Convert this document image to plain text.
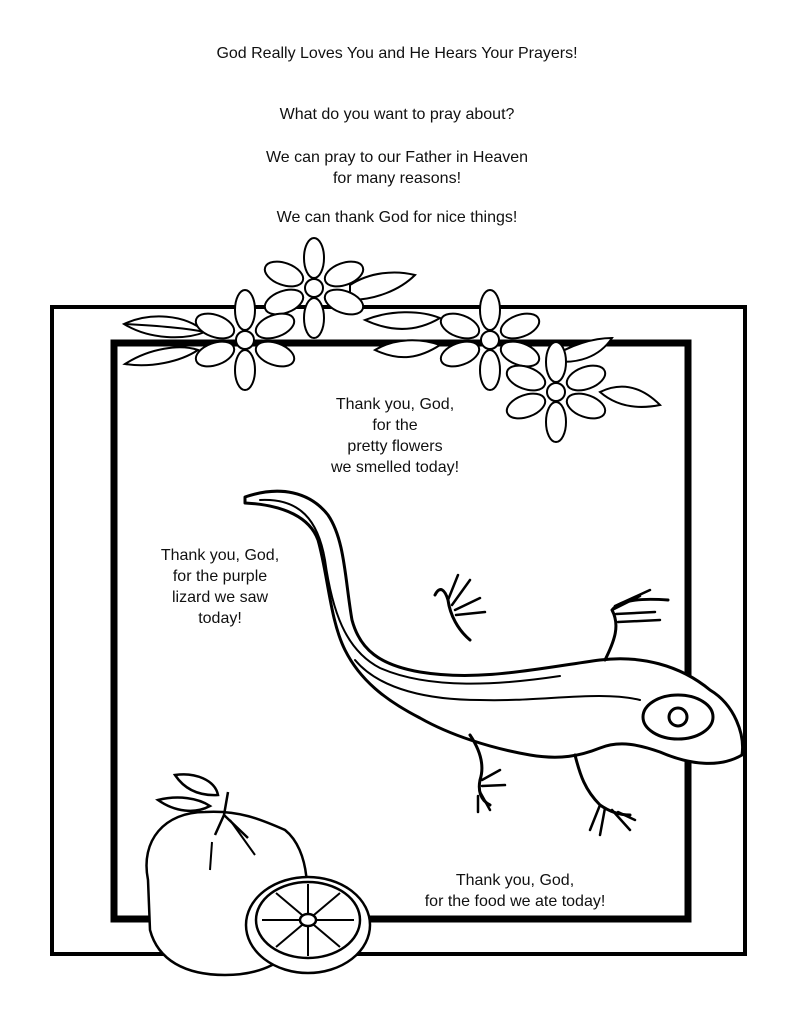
God Really Loves You and He Hears Your Prayers!
What do you want to pray about?
We can pray to our Father in Heaven
for many reasons!
We can thank God for nice things!
Thank you, God,
for the
pretty flowers
we smelled today!
Thank you, God,
for the purple
lizard we saw
today!
Thank you, God,
for the food we ate today!
